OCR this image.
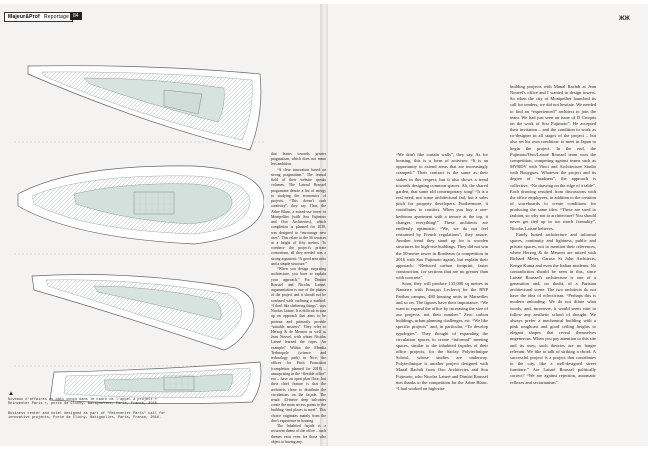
Majeur&Prof Reportage 84
▲
Niveaux d'affaires en bâti conçu dans le cadre de l'appel à projets « Réinventer Paris », porte de Clichy, Batignolles, Paris, France, 2016.
Business center and hotel designed as part of “Reinventer Paris” call for innovative projects, Porte de Clichy, Batignolles, Paris, France, 2016.
ЖЖ

that learns towards greater pragmatism, which does not mean less ambition.

“A clear innovation based on strong pragmatism.” The textual field of their website speaks volumes. The Lateral Roussel programme denote a fist of energy to studying the economics of projects. “This doesn't curb creativity”, they say. Thus, the Arbre Blanc, a mixed-use tower in Montpellier (with Sou Fujimoto and Oxo Architectes), which completion is planned for 2018, was designed to “encourage new uses”. This relate to the 56 terraces at a height of fifty metres. To convince the project's private consortium, all they needed was a strong argument: “A good area ratio and a simple structure.”

“When you design surprising architecture, you have to explain your approach.” For Dimitri Roussel and Nicolas Laisné, argumentation is one of the phases of the project and it should not be confused with outlining a method. “I don't like sheltering things”, says Nicolas Laisné. It is difficult to sum up an approach that aims to be protean and primarily provide “suitable answers”. They refer to Herzog & de Meuron as well as Jean Nouvel, with whom Nicolas Laisné learned the ropes. An example? Within the Mendia Technopole (science and technology park) in Nice, the offices for Pitch Promotion (completion planned for 2018) – unsurprising in the “flexible office” era – have an open plan floor, but their chief feature is that the architects chose to distribute the circulations on the façade. The result: 43-metre deep balconies create the main access points to the building “and places to meet”. This choice originates mainly from the duo's experience in housing.

The Inhabited façade is a recurrent theme of the office – such themes exist even for those who object to having any.

“We don't like curtain walls”, they say. As for housing, this is a form of activism: “It is an opportunity to extend areas that are increasingly cramped.” Their contract is the same as their stakes in this respect, but it also shows a trend towards designing common spaces. Ah, the shared garden, that same old contemporary song! “It is a real need, not some architectural fad, but a sales pitch for property developers. Furthermore, it contributes to comfort. When you buy a one-bedroom apartment with a terrace at the top, it changes everything!” These architects are endlessly optimistic. “We, we do not feel restrained by French regulations”, they assure. Another trend they stand up for is wooden structures for high-rise buildings. They did not win the 50-metre tower in Bordeaux (a competition in 2016 with Sou Fujimoto again), but explain their approach: “Reduced carbon footprint, faster construction, for sections that are no greater than with concrete”.

Soon, they will produce 135,000 sq metres in Nanterre with François Leclercq for the BNP Paribas campus, 480 housing units in Marseilles and so on. The figures have their importance. “We want to expand the office by increasing the size of our projects, not their number.” Zero carbon buildings, urban planning challenges, etc. “We like specific projects” and, in particular, “To develop typologies”. They thought of expanding the circulation spaces to create “informal” meeting spaces, similar to the inhabited façades of their office projects, for the Saclay Polytechnique School, whose studies are underway. Polytechnique is another project designed with Manal Rachdi from Oxo Architectes and Sou Fujimoto, who Nicolas Laisné and Dimitri Roussel met thanks to the competition for the Arbre Blanc. “I had worked on high-rise

building projects with Manal Rachdi at Jean Nouvel's office and I wanted to design towers. So when the city of Montpellier launched its call for tenders, we did not hesitate. We needed to find an “experienced” architect to join the team. We had just seen an issue of D Croquis on the work of Sou Fujimoto”. He accepted their invitation – and the condition to work as co-designer in all stages of the project – but also set his own condition: to meet in Japan to begin the project. In the end, the Fujimoto/Oxo/Laisné Roussel team won the competition, competing against teams such as MVRDV with Vinci and Architecture Studio with Bouygues. Whatever the project and its degree of “madness”, the approach is collective. “No drawing on the edge of a table”. Each drawing resulted from discussions with the office employees, in addition to the creation of scoreboards to create conditions for producing the same idea. “These are used to fashion, so why not to architecture? You should never get tied up in too much formality”, Nicolas Laisné believes.

Finely honed architecture and informal spaces, continuity and lightness, public and private spaces, not to mention their references, where Herzog & de Meuron are mixed with Richard Meier, Caruso St John Architects, Kengo Kuma and even the Italian moderns. No contradiction should be seen in this, since Laisné Roussel's architecture is one of a generation and, no doubt, of a Parisian architectural scene. The two architects do not have the idea of eclecticism. “Perhaps this is modern unloading. We do not dilute what words, and, moreover, it would seem vain to follow any aesthetic school of thought. We always prefer a mechanical building with a pink roughcast and good ceiling heights to elegant shapes that reveal themselves ungenerous. When you pay attention to this site and its uses, such theories are no longer relevant. We like to talk of striking a chord. A successful project is a project that contributes to the city, like a well-designed street furniture.” Are Laisné Roussel politically correct? “We are against rejection, automatic reflexes and sectarianism”.
